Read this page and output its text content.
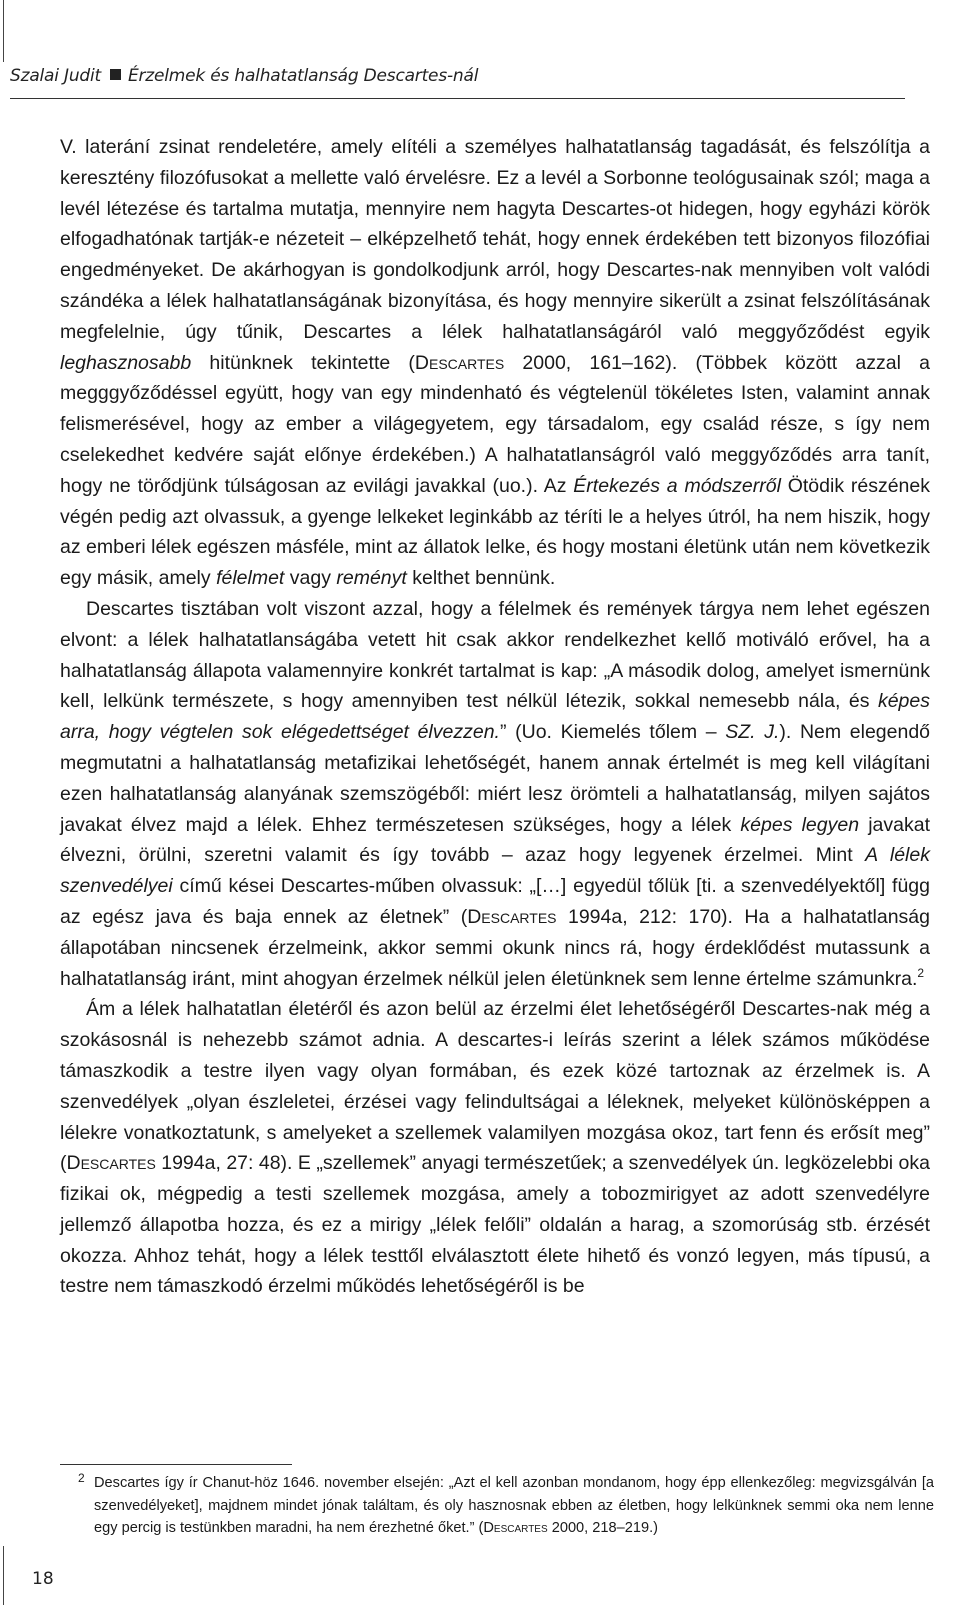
Szalai Judit Érzelmek és halhatatlanság Descartes-nál

V. laterání zsinat rendeletére, amely elítéli a személyes halhatatlanság tagadását, és felszólítja a keresztény filozófusokat a mellette való érvelésre. Ez a levél a Sorbonne teológusainak szól; maga a levél létezése és tartalma mutatja, mennyire nem hagyta Descartes-ot hidegen, hogy egyházi körök elfogadhatónak tartják-e nézeteit – elképzelhető tehát, hogy ennek érdekében tett bizonyos filozófiai engedményeket. De akárhogyan is gondolkodjunk arról, hogy Descartes-nak mennyiben volt valódi szándéka a lélek halhatatlanságának bizonyítása, és hogy mennyire sikerült a zsinat felszólításának megfelelnie, úgy tűnik, Descartes a lélek halhatatlanságáról való meggyőződést egyik leghasznosabb hitünknek tekintette (Descartes 2000, 161–162). (Többek között azzal a megggyőződéssel együtt, hogy van egy mindenható és végtelenül tökéletes Isten, valamint annak felismerésével, hogy az ember a világegyetem, egy társadalom, egy család része, s így nem cselekedhet kedvére saját előnye érdekében.) A halhatatlanságról való meggyőződés arra tanít, hogy ne törődjünk túlságosan az evilági javakkal (uo.). Az Értekezés a módszerről Ötödik részének végén pedig azt olvassuk, a gyenge lelkeket leginkább az téríti le a helyes útról, ha nem hiszik, hogy az emberi lélek egészen másféle, mint az állatok lelke, és hogy mostani életünk után nem következik egy másik, amely félelmet vagy reményt kelthet bennünk.

Descartes tisztában volt viszont azzal, hogy a félelmek és remények tárgya nem lehet egészen elvont: a lélek halhatatlanságába vetett hit csak akkor rendelkezhet kellő motiváló erővel, ha a halhatatlanság állapota valamennyire konkrét tartalmat is kap: „A második dolog, amelyet ismernünk kell, lelkünk természete, s hogy amennyiben test nélkül létezik, sokkal nemesebb nála, és képes arra, hogy végtelen sok elégedettséget élvezzen.” (Uo. Kiemelés tőlem – SZ. J.). Nem elegendő megmutatni a halhatatlanság metafizikai lehetőségét, hanem annak értelmét is meg kell világítani ezen halhatatlanság alanyának szemszögéből: miért lesz örömteli a halhatatlanság, milyen sajátos javakat élvez majd a lélek. Ehhez természetesen szükséges, hogy a lélek képes legyen javakat élvezni, örülni, szeretni valamit és így tovább – azaz hogy legyenek érzelmei. Mint A lélek szenvedélyei című kései Descartes-műben olvassuk: „[…] egyedül tőlük [ti. a szenvedélyektől] függ az egész java és baja ennek az életnek” (Descartes 1994a, 212: 170). Ha a halhatatlanság állapotában nincsenek érzelmeink, akkor semmi okunk nincs rá, hogy érdeklődést mutassunk a halhatatlanság iránt, mint ahogyan érzelmek nélkül jelen életünknek sem lenne értelme számunkra.$^2$

Ám a lélek halhatatlan életéről és azon belül az érzelmi élet lehetőségéről Descartes-nak még a szokásosnál is nehezebb számot adnia. A descartes-i leírás szerint a lélek számos működése támaszkodik a testre ilyen vagy olyan formában, és ezek közé tartoznak az érzelmek is. A szenvedélyek „olyan észleletei, érzései vagy felindultságai a léleknek, melyeket különösképpen a lélekre vonatkoztatunk, s amelyeket a szellemek valamilyen mozgása okoz, tart fenn és erősít meg” (Descartes 1994a, 27: 48). E „szellemek” anyagi természetűek; a szenvedélyek ún. legközelebbi oka fizikai ok, mégpedig a testi szellemek mozgása, amely a tobozmirigyet az adott szenvedélyre jellemző állapotba hozza, és ez a mirigy „lélek felőli” oldalán a harag, a szomorúság stb. érzését okozza. Ahhoz tehát, hogy a lélek testtől elválasztott élete hihető és vonzó legyen, más típusú, a testre nem támaszkodó érzelmi működés lehetőségéről is be

2 Descartes így ír Chanut-höz 1646. november elsején: „Azt el kell azonban mondanom, hogy épp ellenkezőleg: megvizsgálván [a szenvedélyeket], majdnem mindet jónak találtam, és oly hasznosnak ebben az életben, hogy lelkünknek semmi oka nem lenne egy percig is testünkben maradni, ha nem érezhetné őket.” (Descartes 2000, 218–219.)
18
